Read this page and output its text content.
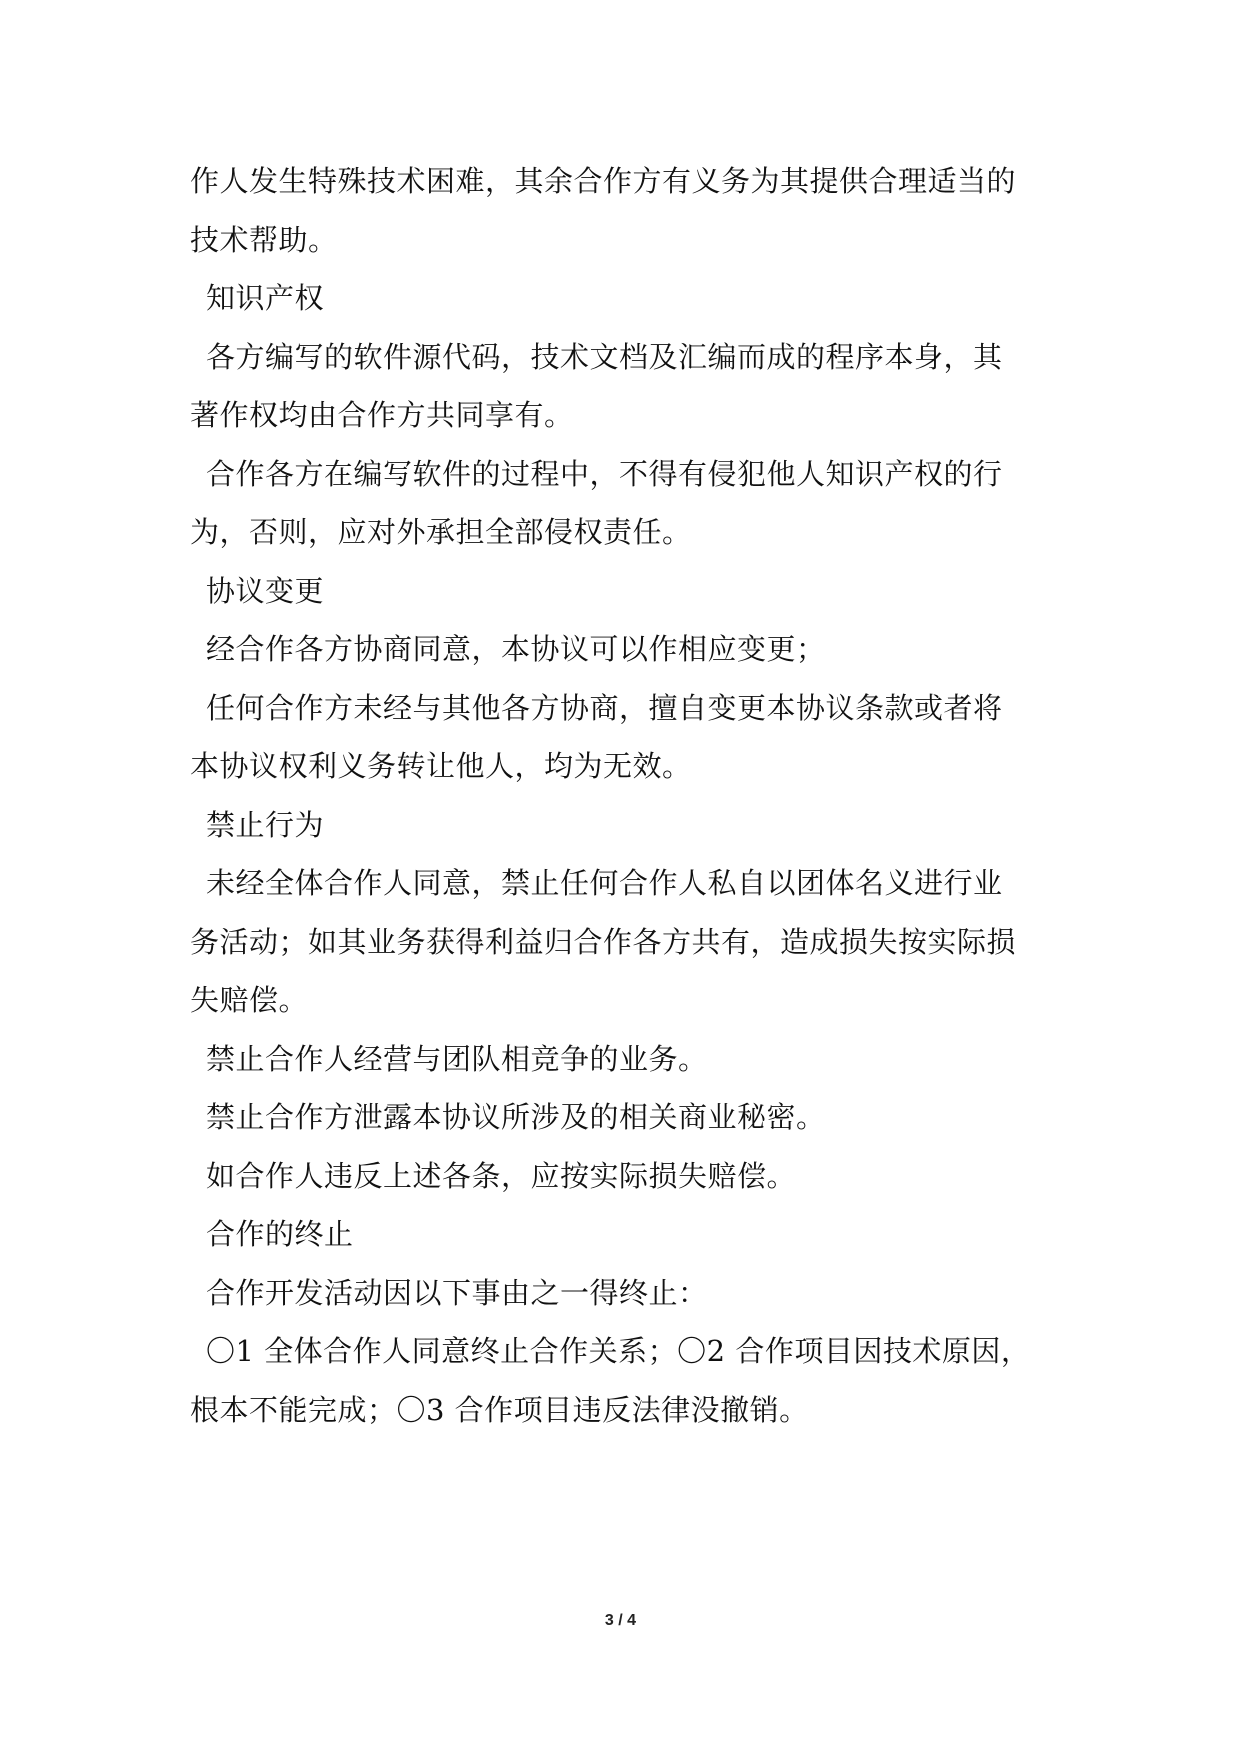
作人发生特殊技术困难，其余合作方有义务为其提供合理适当的
技术帮助。
知识产权
各方编写的软件源代码，技术文档及汇编而成的程序本身，其
著作权均由合作方共同享有。
合作各方在编写软件的过程中，不得有侵犯他人知识产权的行
为，否则，应对外承担全部侵权责任。
协议变更
经合作各方协商同意，本协议可以作相应变更；
任何合作方未经与其他各方协商，擅自变更本协议条款或者将
本协议权利义务转让他人，均为无效。
禁止行为
未经全体合作人同意，禁止任何合作人私自以团体名义进行业
务活动；如其业务获得利益归合作各方共有，造成损失按实际损
失赔偿。
禁止合作人经营与团队相竞争的业务。
禁止合作方泄露本协议所涉及的相关商业秘密。
如合作人违反上述各条，应按实际损失赔偿。
合作的终止
合作开发活动因以下事由之一得终止：
〇1 全体合作人同意终止合作关系；〇2 合作项目因技术原因，
根本不能完成；〇3 合作项目违反法律没撤销。
3 / 4
